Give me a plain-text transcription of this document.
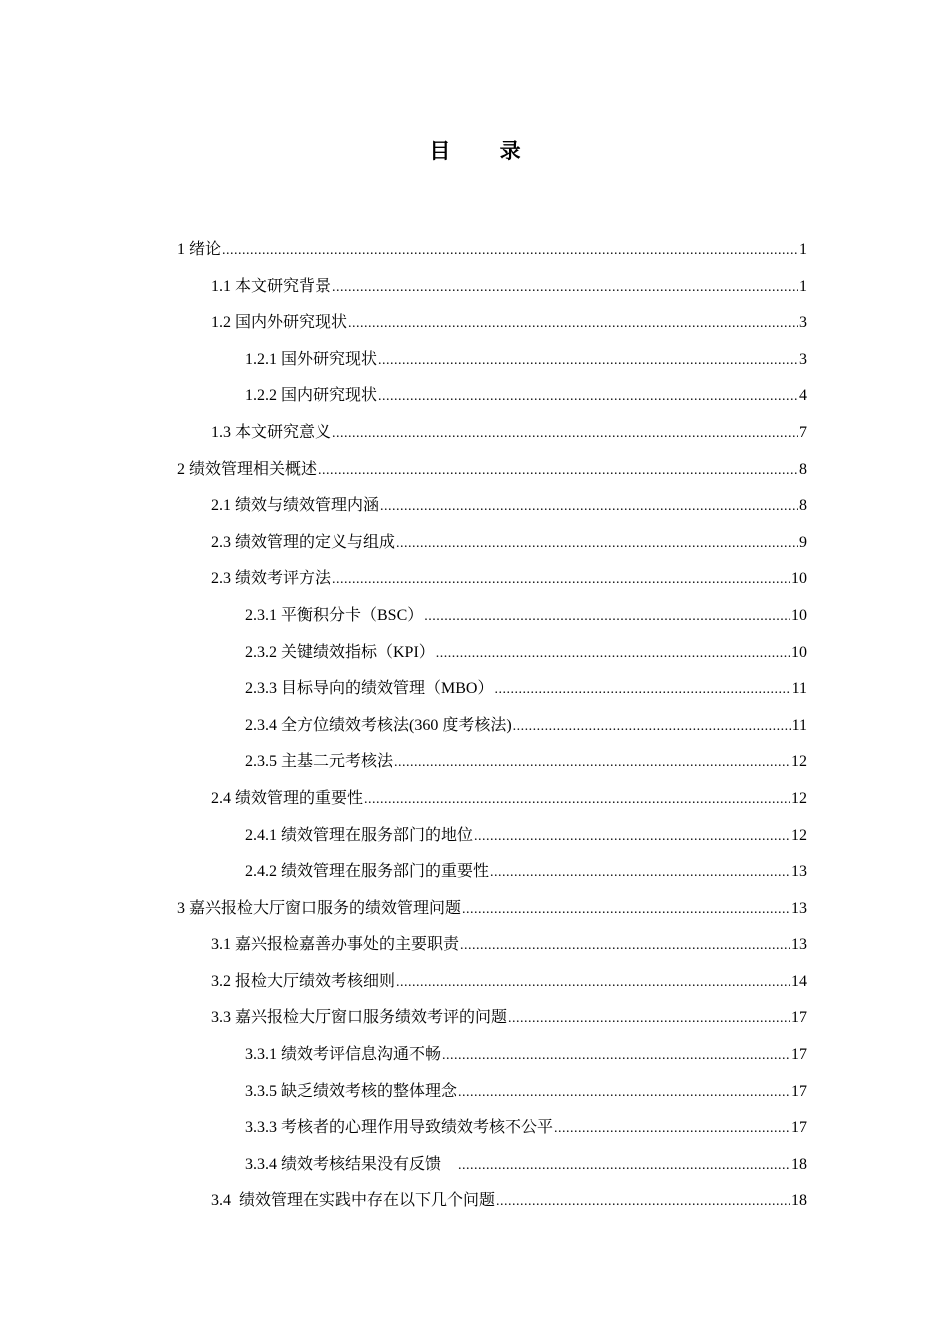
目 录
1 绪论 .....	1
1.1 本文研究背景 .....	1
1.2 国内外研究现状 .....	3
1.2.1 国外研究现状 .....	3
1.2.2 国内研究现状 .....	4
1.3 本文研究意义 .....	7
2 绩效管理相关概述 .....	8
2.1 绩效与绩效管理内涵 .....	8
2.3 绩效管理的定义与组成 .....	9
2.3 绩效考评方法 .....	10
2.3.1 平衡积分卡（BSC） .....	10
2.3.2 关键绩效指标（KPI） .....	10
2.3.3 目标导向的绩效管理（MBO） .....	11
2.3.4 全方位绩效考核法(360 度考核法) .....	11
2.3.5 主基二元考核法 .....	12
2.4 绩效管理的重要性 .....	12
2.4.1 绩效管理在服务部门的地位 .....	12
2.4.2 绩效管理在服务部门的重要性 .....	13
3 嘉兴报检大厅窗口服务的绩效管理问题 .....	13
3.1 嘉兴报检嘉善办事处的主要职责 .....	13
3.2 报检大厅绩效考核细则 .....	14
3.3 嘉兴报检大厅窗口服务绩效考评的问题 .....	17
3.3.1 绩效考评信息沟通不畅 .....	17
3.3.5 缺乏绩效考核的整体理念 .....	17
3.3.3 考核者的心理作用导致绩效考核不公平 .....	17
3.3.4 绩效考核结果没有反馈 .....	18
3.4  绩效管理在实践中存在以下几个问题 .....	18
